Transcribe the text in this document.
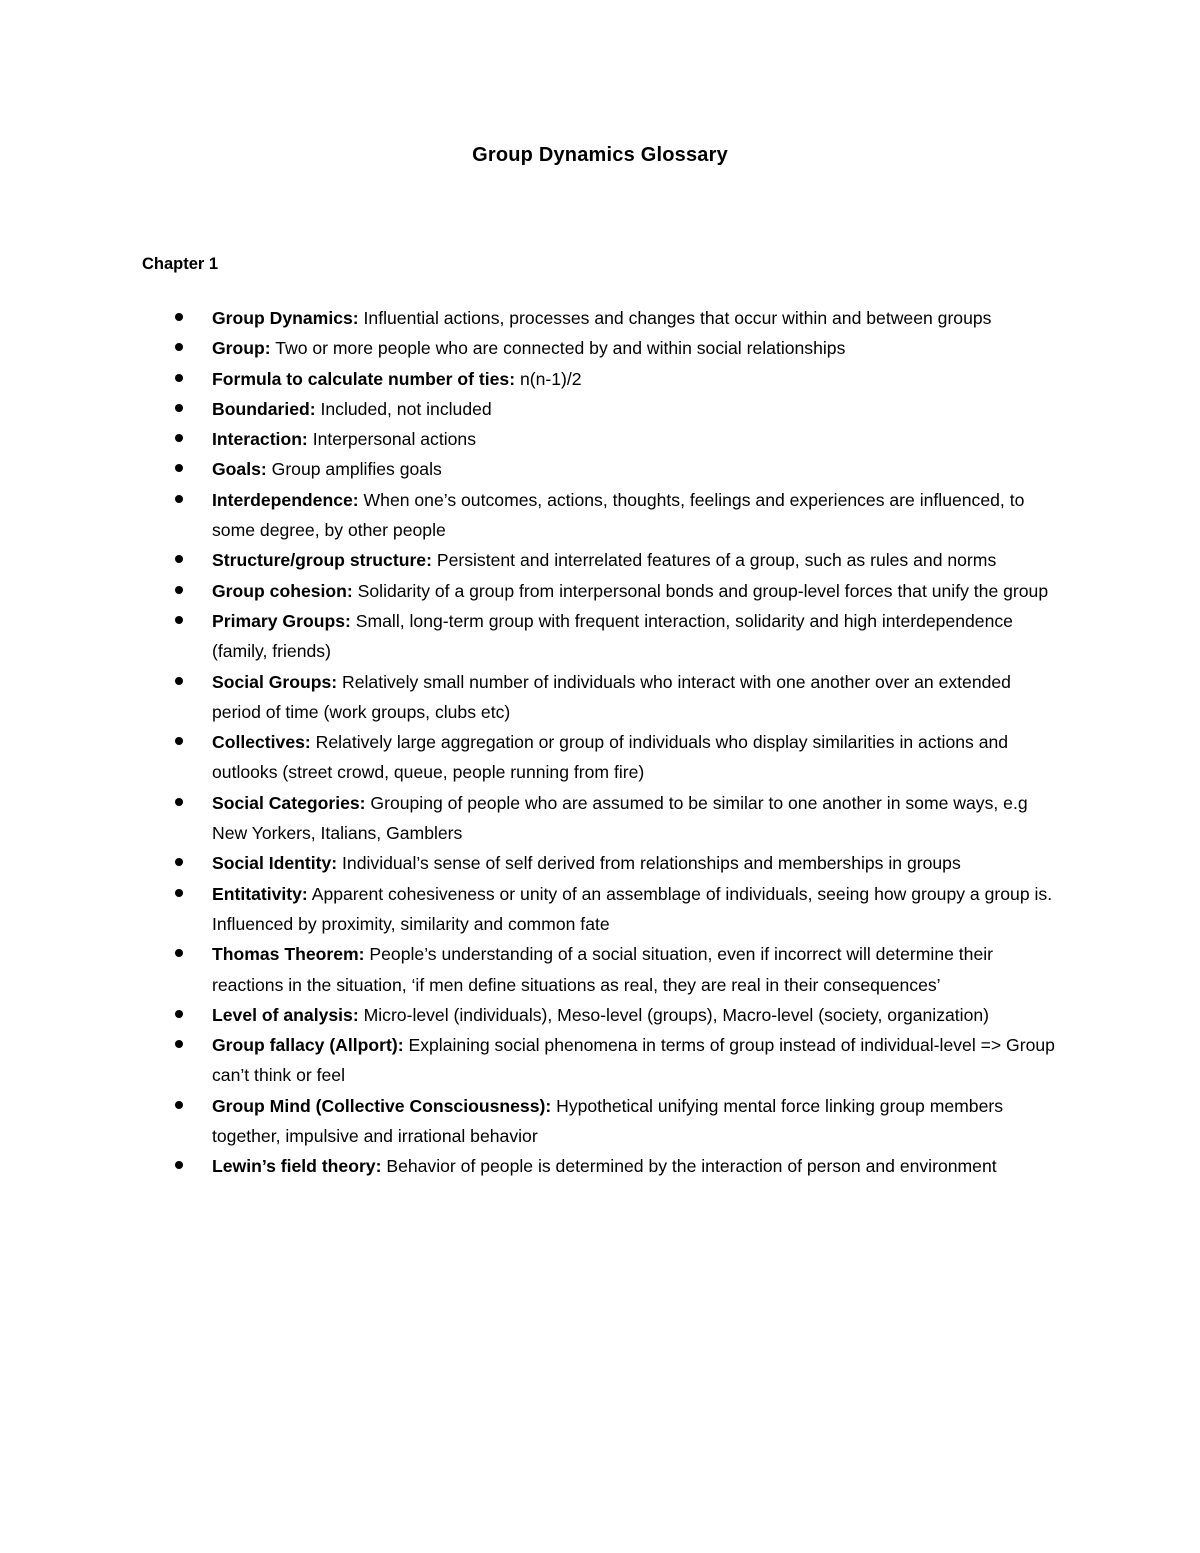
Group Dynamics Glossary
Chapter 1
Group Dynamics: Influential actions, processes and changes that occur within and between groups
Group: Two or more people who are connected by and within social relationships
Formula to calculate number of ties: n(n-1)/2
Boundaried: Included, not included
Interaction: Interpersonal actions
Goals: Group amplifies goals
Interdependence: When one’s outcomes, actions, thoughts, feelings and experiences are influenced, to some degree, by other people
Structure/group structure: Persistent and interrelated features of a group, such as rules and norms
Group cohesion: Solidarity of a group from interpersonal bonds and group-level forces that unify the group
Primary Groups: Small, long-term group with frequent interaction, solidarity and high interdependence (family, friends)
Social Groups: Relatively small number of individuals who interact with one another over an extended period of time (work groups, clubs etc)
Collectives: Relatively large aggregation or group of individuals who display similarities in actions and outlooks (street crowd, queue, people running from fire)
Social Categories: Grouping of people who are assumed to be similar to one another in some ways, e.g New Yorkers, Italians, Gamblers
Social Identity: Individual’s sense of self derived from relationships and memberships in groups
Entitativity: Apparent cohesiveness or unity of an assemblage of individuals, seeing how groupy a group is. Influenced by proximity, similarity and common fate
Thomas Theorem: People’s understanding of a social situation, even if incorrect will determine their reactions in the situation, ‘if men define situations as real, they are real in their consequences’
Level of analysis: Micro-level (individuals), Meso-level (groups), Macro-level (society, organization)
Group fallacy (Allport): Explaining social phenomena in terms of group instead of individual-level => Group can’t think or feel
Group Mind (Collective Consciousness): Hypothetical unifying mental force linking group members together, impulsive and irrational behavior
Lewin’s field theory: Behavior of people is determined by the interaction of person and environment
